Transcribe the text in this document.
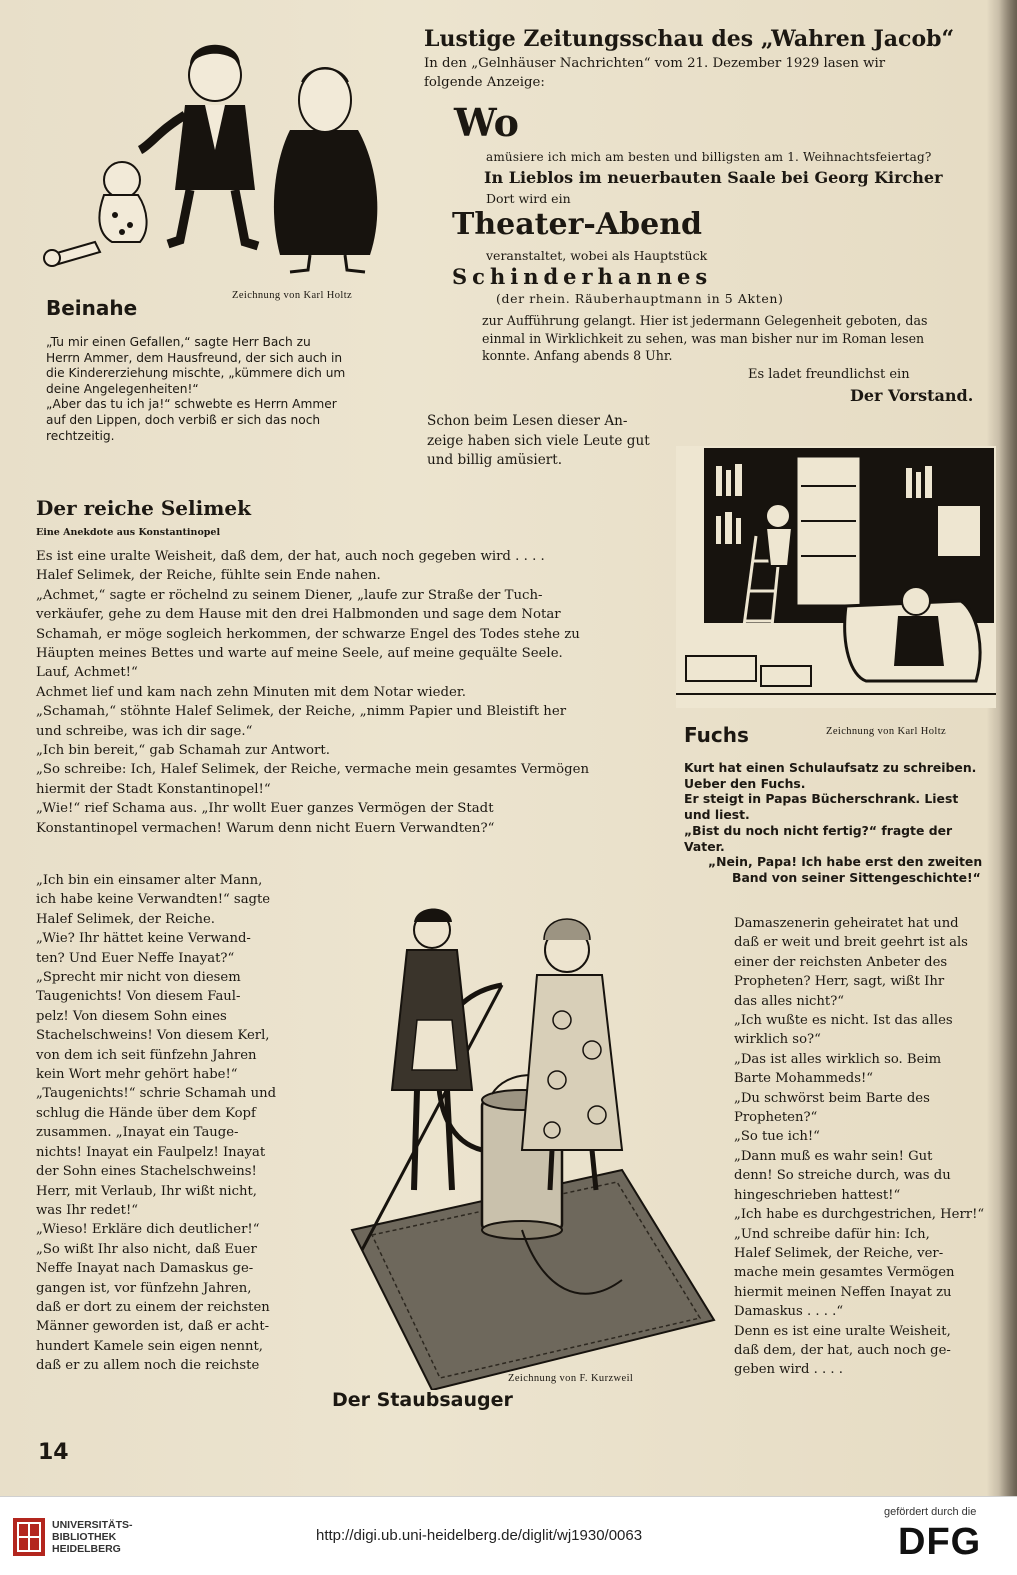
Zeichnung von Karl Holtz
Beinahe
„Tu mir einen Gefallen,“ sagte Herr Bach zu
Herrn Ammer, dem Hausfreund, der sich auch in
die Kindererziehung mischte, „kümmere dich um
deine Angelegenheiten!“
„Aber das tu ich ja!“ schwebte es Herrn Ammer
auf den Lippen, doch verbiß er sich das noch
rechtzeitig.
Lustige Zeitungsschau des „Wahren Jacob“
In den „Gelnhäuser Nachrichten“ vom 21. Dezember 1929 lasen wir
folgende Anzeige:
Wo
amüsiere ich mich am besten und billigsten am 1. Weihnachtsfeiertag?
In Lieblos im neuerbauten Saale bei Georg Kircher
Dort wird ein
Theater-Abend
veranstaltet, wobei als Hauptstück
Schinderhannes
(der rhein. Räuberhauptmann in 5 Akten)
zur Aufführung gelangt. Hier ist jedermann Gelegenheit geboten, das
einmal in Wirklichkeit zu sehen, was man bisher nur im Roman lesen
konnte. Anfang abends 8 Uhr.
Es ladet freundlichst ein
Der Vorstand.
Schon beim Lesen dieser An-
zeige haben sich viele Leute gut
und billig amüsiert.
Fuchs	Zeichnung von Karl Holtz
Kurt hat einen Schulaufsatz zu schreiben.
Ueber den Fuchs.
Er steigt in Papas Bücherschrank. Liest
und liest.
„Bist du noch nicht fertig?“ fragte der Vater.
„Nein, Papa! Ich habe erst den zweiten
Band von seiner Sittengeschichte!“
Der reiche Selimek
Eine Anekdote aus Konstantinopel
Es ist eine uralte Weisheit, daß dem, der hat, auch noch gegeben wird . . . .
Halef Selimek, der Reiche, fühlte sein Ende nahen.
„Achmet,“ sagte er röchelnd zu seinem Diener, „laufe zur Straße der Tuch-
verkäufer, gehe zu dem Hause mit den drei Halbmonden und sage dem Notar
Schamah, er möge sogleich herkommen, der schwarze Engel des Todes stehe zu
Häupten meines Bettes und warte auf meine Seele, auf meine gequälte Seele.
Lauf, Achmet!“
Achmet lief und kam nach zehn Minuten mit dem Notar wieder.
„Schamah,“ stöhnte Halef Selimek, der Reiche, „nimm Papier und Bleistift her
und schreibe, was ich dir sage.“
„Ich bin bereit,“ gab Schamah zur Antwort.
„So schreibe: Ich, Halef Selimek, der Reiche, vermache mein gesamtes Vermögen
hiermit der Stadt Konstantinopel!“
„Wie!“ rief Schama aus. „Ihr wollt Euer ganzes Vermögen der Stadt
Konstantinopel vermachen! Warum denn nicht Euern Verwandten?“
„Ich bin ein einsamer alter Mann,
ich habe keine Verwandten!“ sagte
Halef Selimek, der Reiche.
„Wie? Ihr hättet keine Verwand-
ten? Und Euer Neffe Inayat?“
„Sprecht mir nicht von diesem
Taugenichts! Von diesem Faul-
pelz! Von diesem Sohn eines
Stachelschweins! Von diesem Kerl,
von dem ich seit fünfzehn Jahren
kein Wort mehr gehört habe!“
„Taugenichts!“ schrie Schamah und
schlug die Hände über dem Kopf
zusammen. „Inayat ein Tauge-
nichts! Inayat ein Faulpelz! Inayat
der Sohn eines Stachelschweins!
Herr, mit Verlaub, Ihr wißt nicht,
was Ihr redet!“
„Wieso! Erkläre dich deutlicher!“
„So wißt Ihr also nicht, daß Euer
Neffe Inayat nach Damaskus ge-
gangen ist, vor fünfzehn Jahren,
daß er dort zu einem der reichsten
Männer geworden ist, daß er acht-
hundert Kamele sein eigen nennt,
daß er zu allem noch die reichste
Damaszenerin geheiratet hat und
daß er weit und breit geehrt ist als
einer der reichsten Anbeter des
Propheten? Herr, sagt, wißt Ihr
das alles nicht?“
„Ich wußte es nicht. Ist das alles
wirklich so?“
„Das ist alles wirklich so. Beim
Barte Mohammeds!“
„Du schwörst beim Barte des
Propheten?“
„So tue ich!“
„Dann muß es wahr sein! Gut
denn! So streiche durch, was du
hingeschrieben hattest!“
„Ich habe es durchgestrichen, Herr!“
„Und schreibe dafür hin: Ich,
Halef Selimek, der Reiche, ver-
mache mein gesamtes Vermögen
hiermit meinen Neffen Inayat zu
Damaskus . . . .“
Denn es ist eine uralte Weisheit,
daß dem, der hat, auch noch ge-
geben wird . . . .
Zeichnung von F. Kurzweil
Der Staubsauger
14
UNIVERSITÄTS-
BIBLIOTHEK
HEIDELBERG
http://digi.ub.uni-heidelberg.de/diglit/wj1930/0063
gefördert durch die
DFG
